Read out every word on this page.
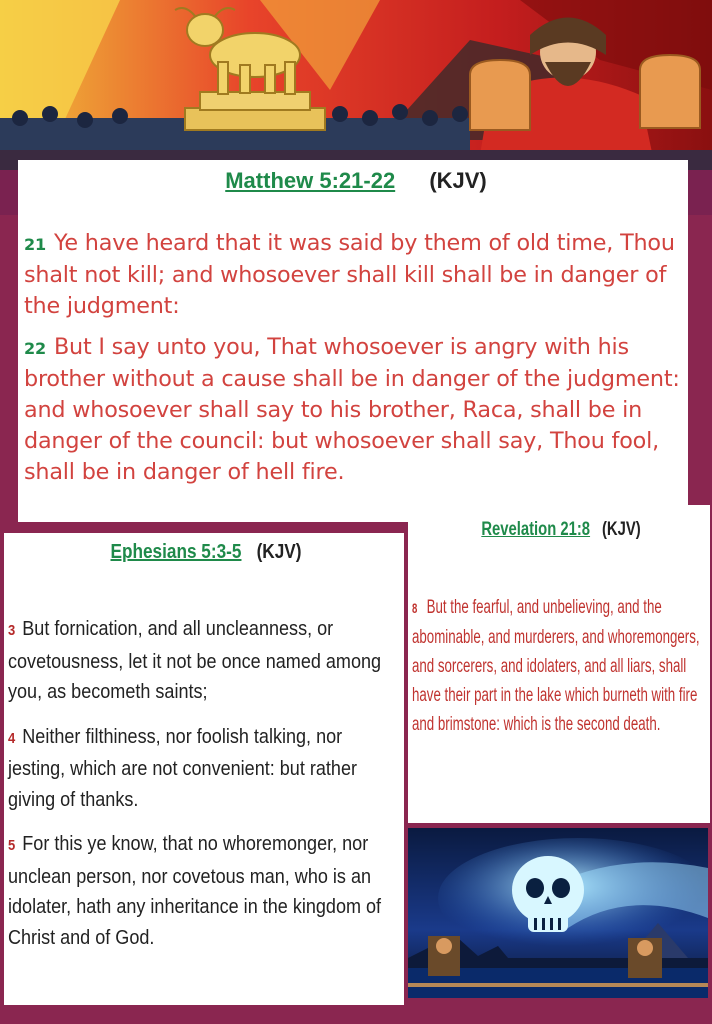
Matthew 5:21-22 (KJV)

21 Ye have heard that it was said by them of old time, Thou shalt not kill; and whosoever shall kill shall be in danger of the judgment:

22 But I say unto you, That whosoever is angry with his brother without a cause shall be in danger of the judgment: and whosoever shall say to his brother, Raca, shall be in danger of the council: but whosoever shall say, Thou fool, shall be in danger of hell fire.

Revelation 21:8 (KJV)

8 But the fearful, and unbelieving, and the abominable, and murderers, and whoremongers, and sorcerers, and idolaters, and all liars, shall have their part in the lake which burneth with fire and brimstone: which is the second death.

Ephesians 5:3-5 (KJV)

3 But fornication, and all uncleanness, or covetousness, let it not be once named among you, as becometh saints;

4 Neither filthiness, nor foolish talking, nor jesting, which are not convenient: but rather giving of thanks.

5 For this ye know, that no whoremonger, nor unclean person, nor covetous man, who is an idolater, hath any inheritance in the kingdom of Christ and of God.
